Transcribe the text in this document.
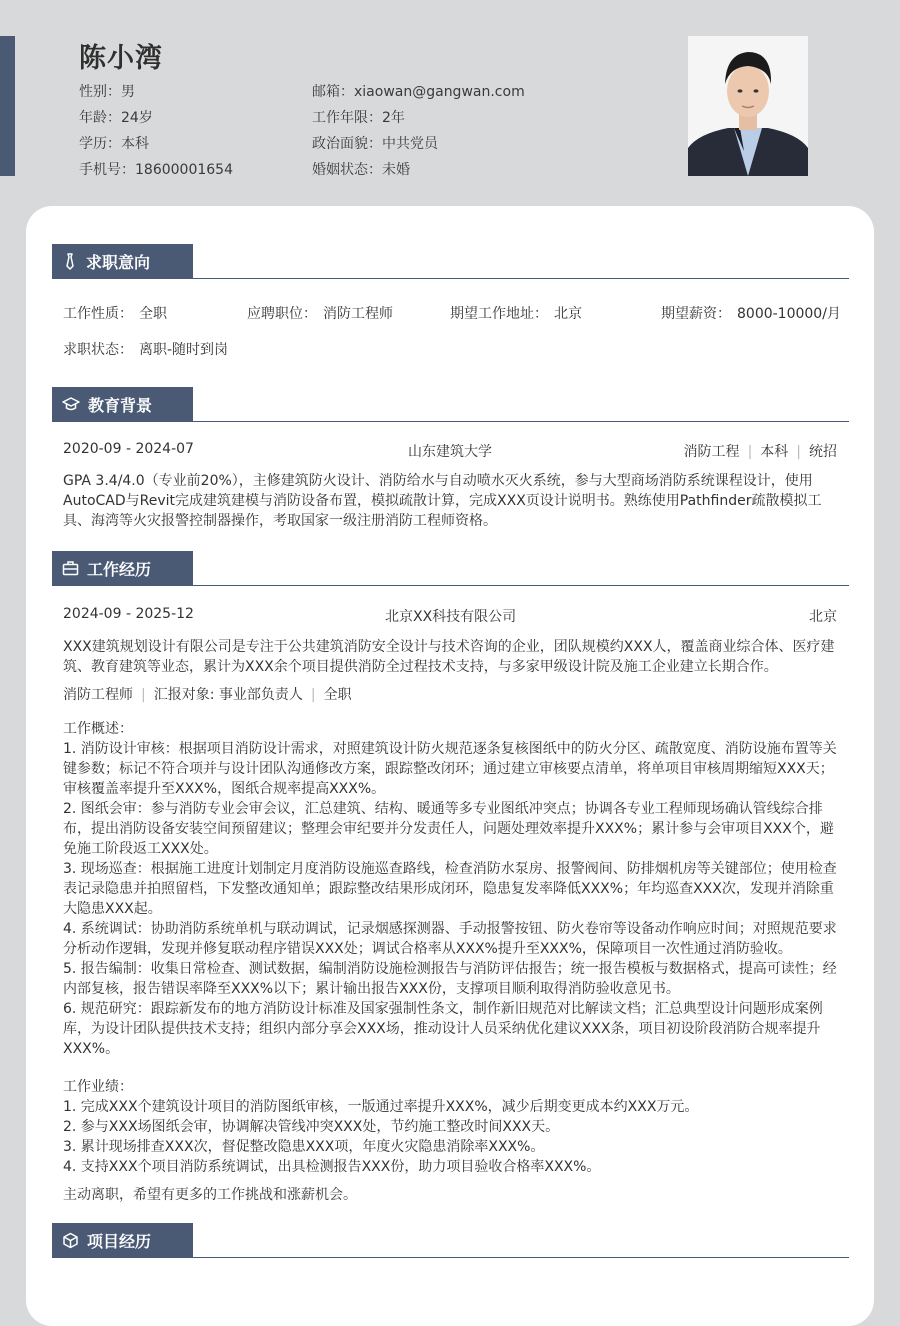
陈小湾
性别：男
年龄：24岁
学历：本科
手机号：18600001654
邮箱：xiaowan@gangwan.com
工作年限：2年
政治面貌：中共党员
婚姻状态：未婚
求职意向
工作性质： 全职	应聘职位： 消防工程师	期望工作地址： 北京	期望薪资： 8000-10000/月
求职状态： 离职-随时到岗
教育背景
2020-09 - 2024-07	山东建筑大学	消防工程 | 本科 | 统招
GPA 3.4/4.0（专业前20%），主修建筑防火设计、消防给水与自动喷水灭火系统，参与大型商场消防系统课程设计，使用AutoCAD与Revit完成建筑建模与消防设备布置，模拟疏散计算，完成XXX页设计说明书。熟练使用Pathfinder疏散模拟工具、海湾等火灾报警控制器操作，考取国家一级注册消防工程师资格。
工作经历
2024-09 - 2025-12	北京XX科技有限公司	北京
XXX建筑规划设计有限公司是专注于公共建筑消防安全设计与技术咨询的企业，团队规模约XXX人，覆盖商业综合体、医疗建筑、教育建筑等业态，累计为XXX余个项目提供消防全过程技术支持，与多家甲级设计院及施工企业建立长期合作。
消防工程师 | 汇报对象: 事业部负责人 | 全职
工作概述：
1. 消防设计审核：根据项目消防设计需求，对照建筑设计防火规范逐条复核图纸中的防火分区、疏散宽度、消防设施布置等关键参数；标记不符合项并与设计团队沟通修改方案，跟踪整改闭环；通过建立审核要点清单，将单项目审核周期缩短XXX天；审核覆盖率提升至XXX%，图纸合规率提高XXX%。
2. 图纸会审：参与消防专业会审会议，汇总建筑、结构、暖通等多专业图纸冲突点；协调各专业工程师现场确认管线综合排布，提出消防设备安装空间预留建议；整理会审纪要并分发责任人，问题处理效率提升XXX%；累计参与会审项目XXX个，避免施工阶段返工XXX处。
3. 现场巡查：根据施工进度计划制定月度消防设施巡查路线，检查消防水泵房、报警阀间、防排烟机房等关键部位；使用检查表记录隐患并拍照留档，下发整改通知单；跟踪整改结果形成闭环，隐患复发率降低XXX%；年均巡查XXX次，发现并消除重大隐患XXX起。
4. 系统调试：协助消防系统单机与联动调试，记录烟感探测器、手动报警按钮、防火卷帘等设备动作响应时间；对照规范要求分析动作逻辑，发现并修复联动程序错误XXX处；调试合格率从XXX%提升至XXX%，保障项目一次性通过消防验收。
5. 报告编制：收集日常检查、测试数据，编制消防设施检测报告与消防评估报告；统一报告模板与数据格式，提高可读性；经内部复核，报告错误率降至XXX%以下；累计输出报告XXX份，支撑项目顺利取得消防验收意见书。
6. 规范研究：跟踪新发布的地方消防设计标准及国家强制性条文，制作新旧规范对比解读文档；汇总典型设计问题形成案例库，为设计团队提供技术支持；组织内部分享会XXX场，推动设计人员采纳优化建议XXX条，项目初设阶段消防合规率提升XXX%。
工作业绩：
1. 完成XXX个建筑设计项目的消防图纸审核，一版通过率提升XXX%，减少后期变更成本约XXX万元。
2. 参与XXX场图纸会审，协调解决管线冲突XXX处，节约施工整改时间XXX天。
3. 累计现场排查XXX次，督促整改隐患XXX项，年度火灾隐患消除率XXX%。
4. 支持XXX个项目消防系统调试，出具检测报告XXX份，助力项目验收合格率XXX%。
主动离职，希望有更多的工作挑战和涨薪机会。
项目经历
